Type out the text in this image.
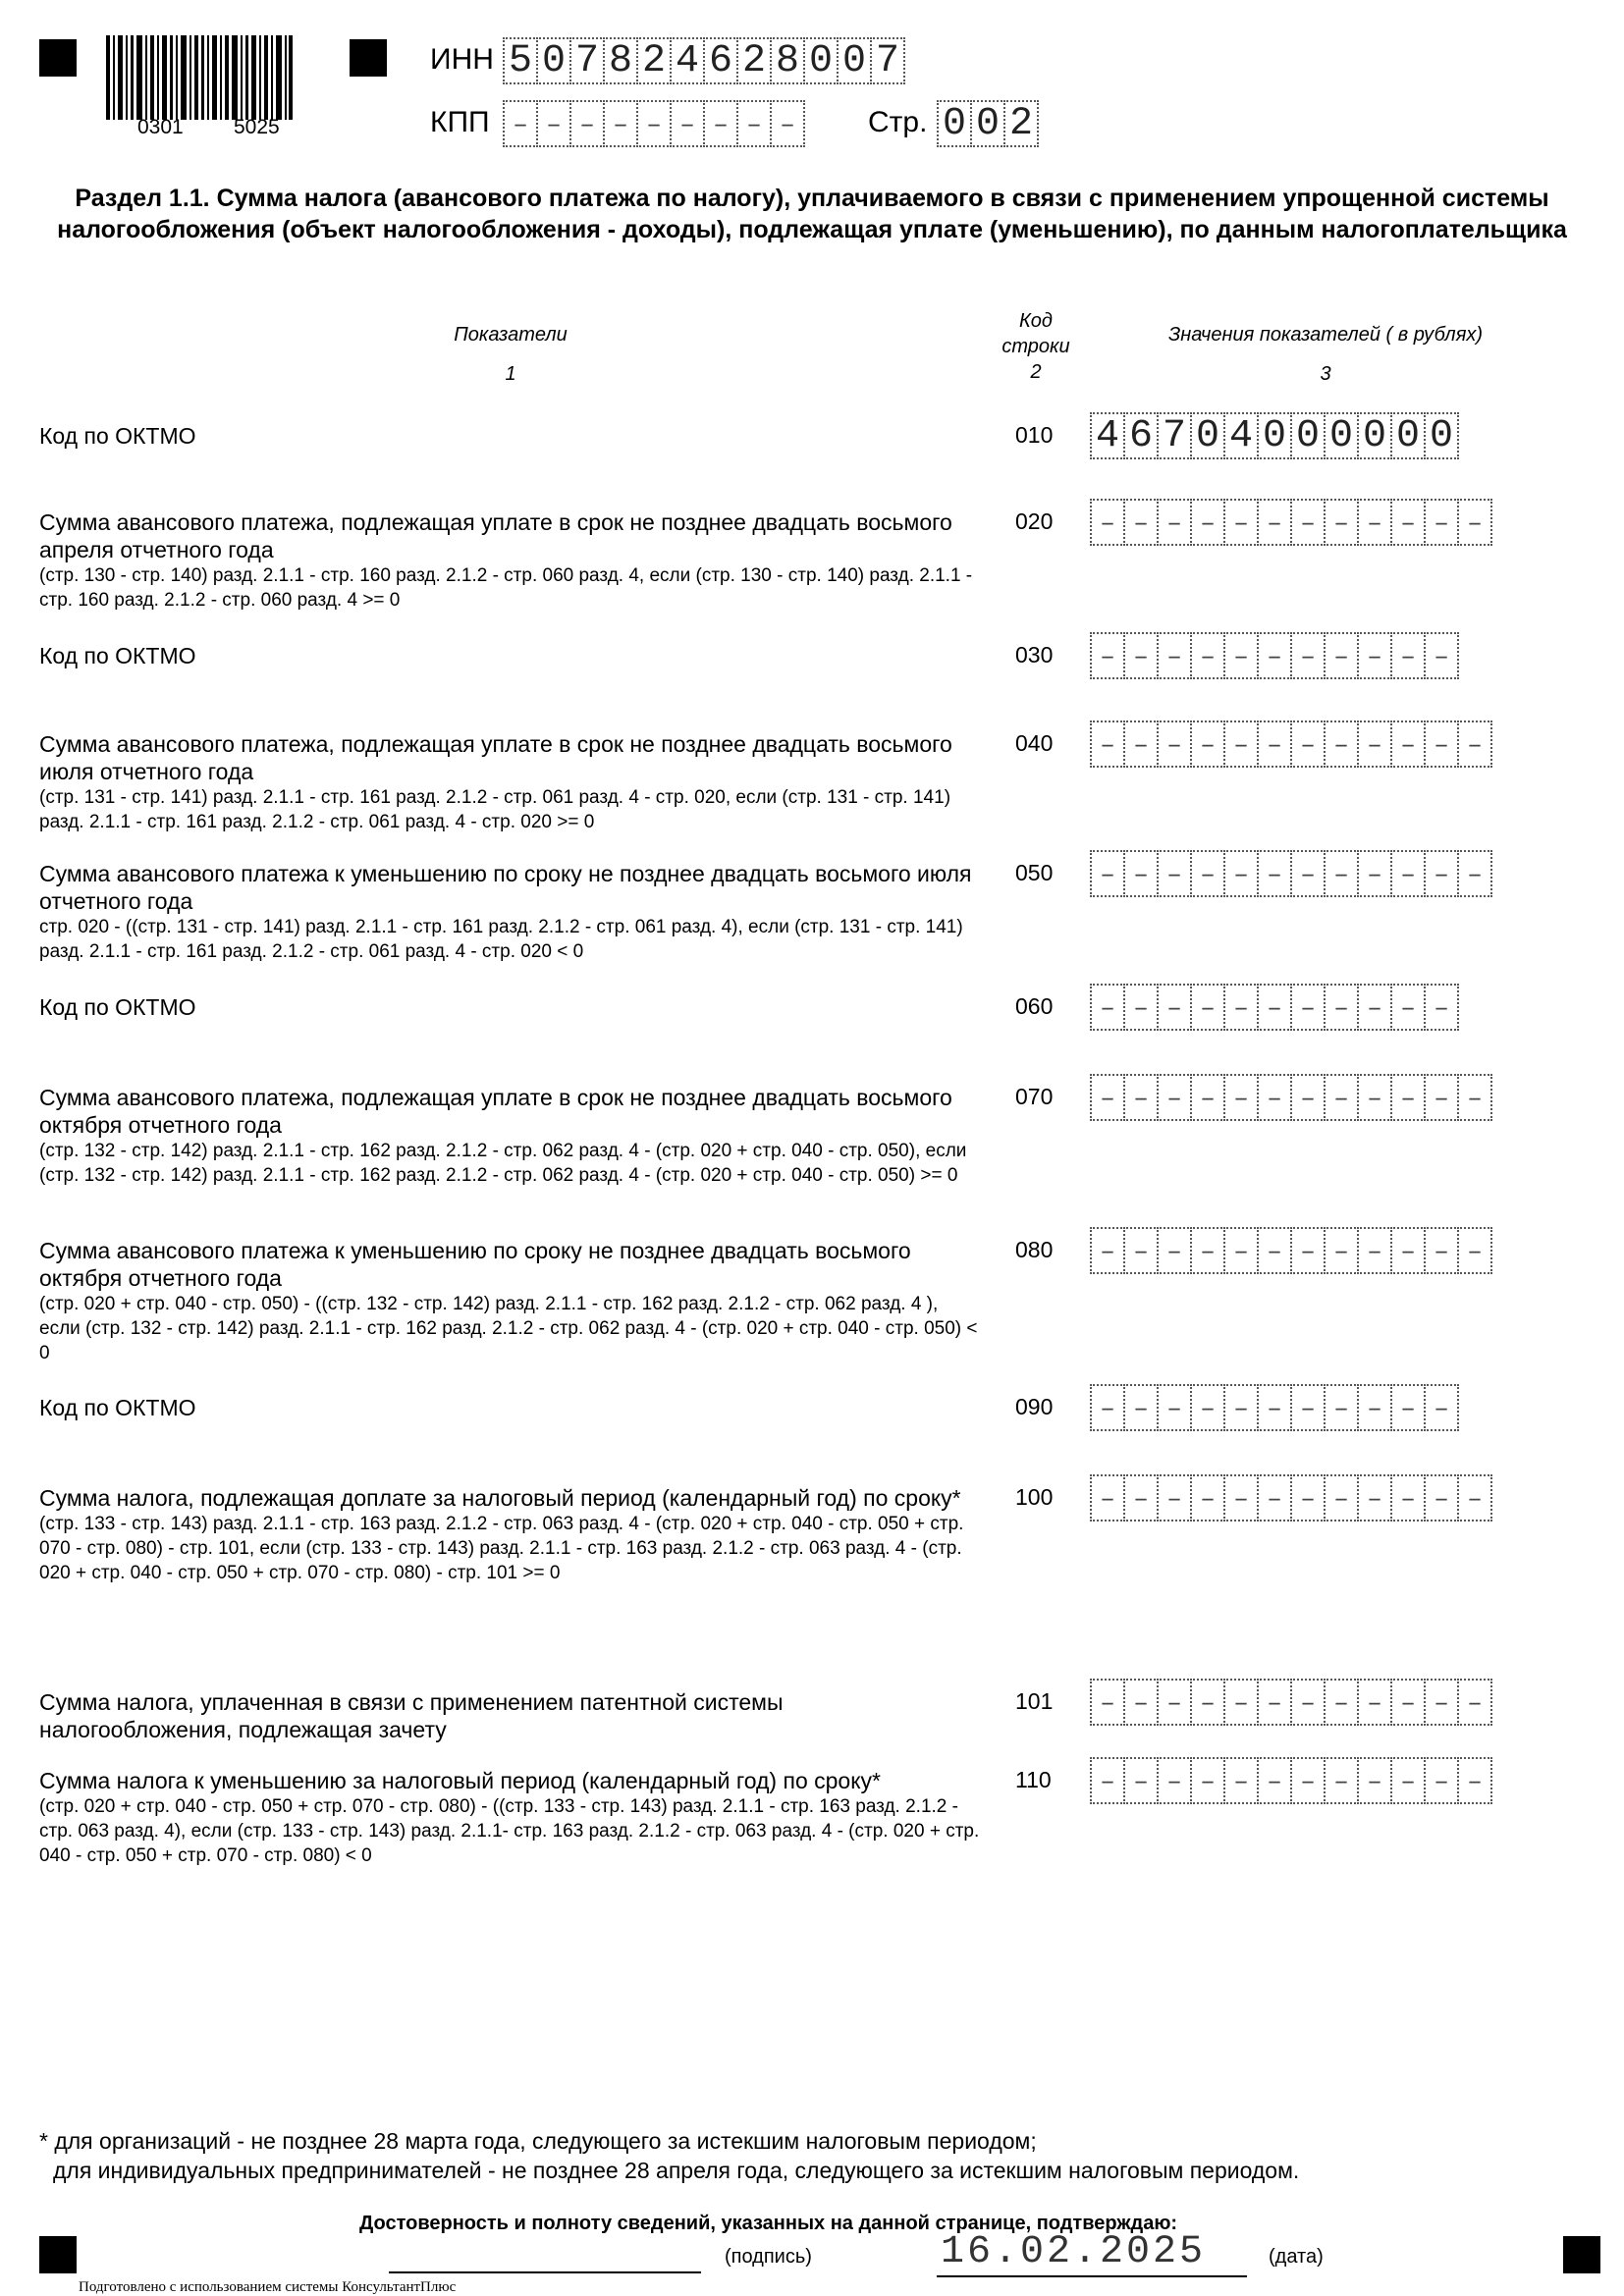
0301 5025
ИНН 5 0 7 8 2 4 6 2 8 0 0 7
КПП – – – – – – – – –	Стр. 0 0 2
Раздел 1.1. Сумма налога (авансового платежа по налогу), уплачиваемого в связи с применением упрощенной системы налогообложения (объект налогообложения - доходы), подлежащая уплате (уменьшению), по данным налогоплательщика
Показатели
1
Код
строки
2
Значения показателей ( в рублях)
3
Код по ОКТМО	010 4 6 7 0 4 0 0 0 0 0 0
Сумма авансового платежа, подлежащая уплате в срок не позднее двадцать восьмого апреля отчетного года
(стр. 130 - стр. 140) разд. 2.1.1 - стр. 160 разд. 2.1.2 - стр. 060 разд. 4, если (стр. 130 - стр. 140) разд. 2.1.1 - стр. 160 разд. 2.1.2 - стр. 060 разд. 4 >= 0
020	– – – – – – – – – – – –
Код по ОКТМО	030	– – – – – – – – – – –
Сумма авансового платежа, подлежащая уплате в срок не позднее двадцать восьмого июля отчетного года
(стр. 131 - стр. 141) разд. 2.1.1 - стр. 161 разд. 2.1.2 - стр. 061 разд. 4 - стр. 020, если (стр. 131 - стр. 141) разд. 2.1.1 - стр. 161 разд. 2.1.2 - стр. 061 разд. 4 - стр. 020 >= 0
040	– – – – – – – – – – – –
Сумма авансового платежа к уменьшению по сроку не позднее двадцать восьмого июля отчетного года
стр. 020 - ((стр. 131 - стр. 141) разд. 2.1.1 - стр. 161 разд. 2.1.2 - стр. 061 разд. 4), если (стр. 131 - стр. 141) разд. 2.1.1 - стр. 161 разд. 2.1.2 - стр. 061 разд. 4 - стр. 020 < 0
050	– – – – – – – – – – – –
Код по ОКТМО	060	– – – – – – – – – – –
Сумма авансового платежа, подлежащая уплате в срок не позднее двадцать восьмого октября отчетного года
(стр. 132 - стр. 142) разд. 2.1.1 - стр. 162 разд. 2.1.2 - стр. 062 разд. 4 - (стр. 020 + стр. 040 - стр. 050), если (стр. 132 - стр. 142) разд. 2.1.1 - стр. 162 разд. 2.1.2 - стр. 062 разд. 4 - (стр. 020 + стр. 040 - стр. 050) >= 0
070	– – – – – – – – – – – –
Сумма авансового платежа к уменьшению по сроку не позднее двадцать восьмого октября отчетного года
(стр. 020 + стр. 040 - стр. 050) - ((стр. 132 - стр. 142) разд. 2.1.1 - стр. 162 разд. 2.1.2 - стр. 062 разд. 4 ), если (стр. 132 - стр. 142) разд. 2.1.1 - стр. 162 разд. 2.1.2 - стр. 062 разд. 4 - (стр. 020 + стр. 040 - стр. 050) < 0
080	– – – – – – – – – – – –
Код по ОКТМО	090	– – – – – – – – – – –
Сумма налога, подлежащая доплате за налоговый период (календарный год) по сроку*
(стр. 133 - стр. 143) разд. 2.1.1 - стр. 163 разд. 2.1.2 - стр. 063 разд. 4 - (стр. 020 + стр. 040 - стр. 050 + стр. 070 - стр. 080) - стр. 101, если (стр. 133 - стр. 143) разд. 2.1.1 - стр. 163 разд. 2.1.2 - стр. 063 разд. 4 - (стр. 020 + стр. 040 - стр. 050 + стр. 070 - стр. 080) - стр. 101 >= 0
100	– – – – – – – – – – – –
Сумма налога, уплаченная в связи с применением патентной системы налогообложения, подлежащая зачету
101	– – – – – – – – – – – –
Сумма налога к уменьшению за налоговый период (календарный год) по сроку*
(стр. 020 + стр. 040 - стр. 050 + стр. 070 - стр. 080) - ((стр. 133 - стр. 143) разд. 2.1.1 - стр. 163 разд. 2.1.2 - стр. 063 разд. 4), если (стр. 133 - стр. 143) разд. 2.1.1- стр. 163 разд. 2.1.2 - стр. 063 разд. 4 - (стр. 020 + стр. 040 - стр. 050 + стр. 070 - стр. 080) < 0
110	– – – – – – – – – – – –
* для организаций - не позднее 28 марта года, следующего за истекшим налоговым периодом;
для индивидуальных предпринимателей - не позднее 28 апреля года, следующего за истекшим налоговым периодом.
Достоверность и полноту сведений, указанных на данной странице, подтверждаю:
(подпись)	16.02.2025	(дата)
Подготовлено с использованием системы КонсультантПлюс
